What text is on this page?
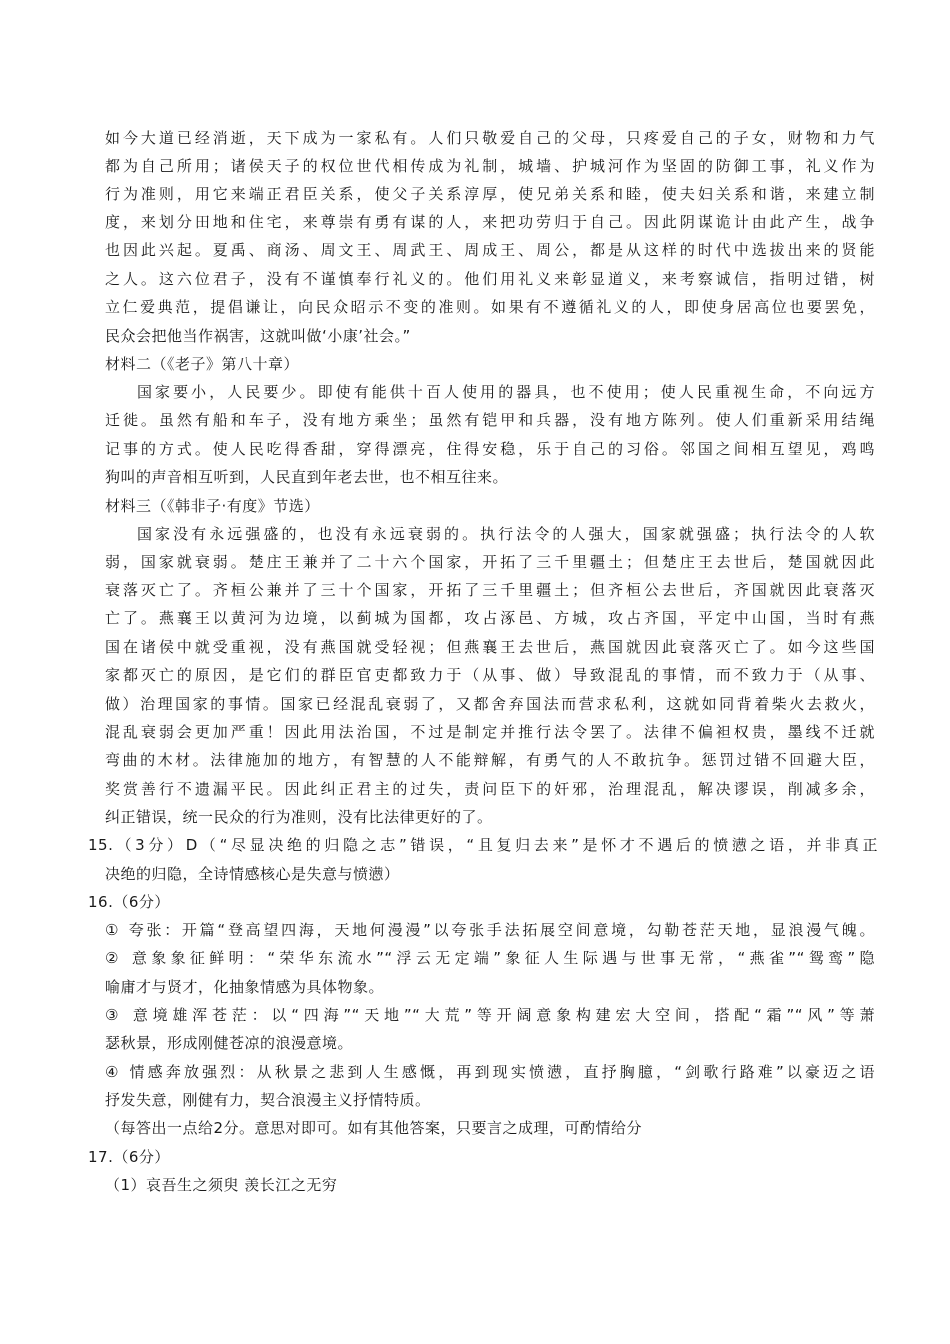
如今大道已经消逝，天下成为一家私有。人们只敬爱自己的父母，只疼爱自己的子女，财物和力气
都为自己所用；诸侯天子的权位世代相传成为礼制，城墙、护城河作为坚固的防御工事，礼义作为
行为准则，用它来端正君臣关系，使父子关系淳厚，使兄弟关系和睦，使夫妇关系和谐，来建立制
度，来划分田地和住宅，来尊崇有勇有谋的人，来把功劳归于自己。因此阴谋诡计由此产生，战争
也因此兴起。夏禹、商汤、周文王、周武王、周成王、周公，都是从这样的时代中选拔出来的贤能
之人。这六位君子，没有不谨慎奉行礼义的。他们用礼义来彰显道义，来考察诚信，指明过错，树
立仁爱典范，提倡谦让，向民众昭示不变的准则。如果有不遵循礼义的人，即使身居高位也要罢免，
民众会把他当作祸害，这就叫做‘小康’社会。”
材料二（《老子》第八十章）
国家要小，人民要少。即使有能供十百人使用的器具，也不使用；使人民重视生命，不向远方
迁徙。虽然有船和车子，没有地方乘坐；虽然有铠甲和兵器，没有地方陈列。使人们重新采用结绳
记事的方式。使人民吃得香甜，穿得漂亮，住得安稳，乐于自己的习俗。邻国之间相互望见，鸡鸣
狗叫的声音相互听到，人民直到年老去世，也不相互往来。
材料三（《韩非子·有度》节选）
国家没有永远强盛的，也没有永远衰弱的。执行法令的人强大，国家就强盛；执行法令的人软
弱，国家就衰弱。楚庄王兼并了二十六个国家，开拓了三千里疆土；但楚庄王去世后，楚国就因此
衰落灭亡了。齐桓公兼并了三十个国家，开拓了三千里疆土；但齐桓公去世后，齐国就因此衰落灭
亡了。燕襄王以黄河为边境，以蓟城为国都，攻占涿邑、方城，攻占齐国，平定中山国，当时有燕
国在诸侯中就受重视，没有燕国就受轻视；但燕襄王去世后，燕国就因此衰落灭亡了。如今这些国
家都灭亡的原因，是它们的群臣官吏都致力于（从事、做）导致混乱的事情，而不致力于（从事、
做）治理国家的事情。国家已经混乱衰弱了，又都舍弃国法而营求私利，这就如同背着柴火去救火，
混乱衰弱会更加严重！因此用法治国，不过是制定并推行法令罢了。法律不偏袒权贵，墨线不迁就
弯曲的木材。法律施加的地方，有智慧的人不能辩解，有勇气的人不敢抗争。惩罚过错不回避大臣，
奖赏善行不遗漏平民。因此纠正君主的过失，责问臣下的奸邪，治理混乱，解决谬误，削减多余，
纠正错误，统一民众的行为准则，没有比法律更好的了。
15.（3分）D（“尽显决绝的归隐之志”错误，“且复归去来”是怀才不遇后的愤懑之语，并非真正
决绝的归隐，全诗情感核心是失意与愤懑）
16.（6分）
① 夸张：开篇“登高望四海，天地何漫漫”以夸张手法拓展空间意境，勾勒苍茫天地，显浪漫气魄。
② 意象象征鲜明：“荣华东流水”“浮云无定端”象征人生际遇与世事无常，“燕雀”“鸳鸾”隐
喻庸才与贤才，化抽象情感为具体物象。
③ 意境雄浑苍茫：以“四海”“天地”“大荒”等开阔意象构建宏大空间，搭配“霜”“风”等萧
瑟秋景，形成刚健苍凉的浪漫意境。
④ 情感奔放强烈：从秋景之悲到人生感慨，再到现实愤懑，直抒胸臆，“剑歌行路难”以豪迈之语
抒发失意，刚健有力，契合浪漫主义抒情特质。
（每答出一点给2分。意思对即可。如有其他答案，只要言之成理，可酌情给分
17.（6分）
（1）哀吾生之须臾 羡长江之无穷
